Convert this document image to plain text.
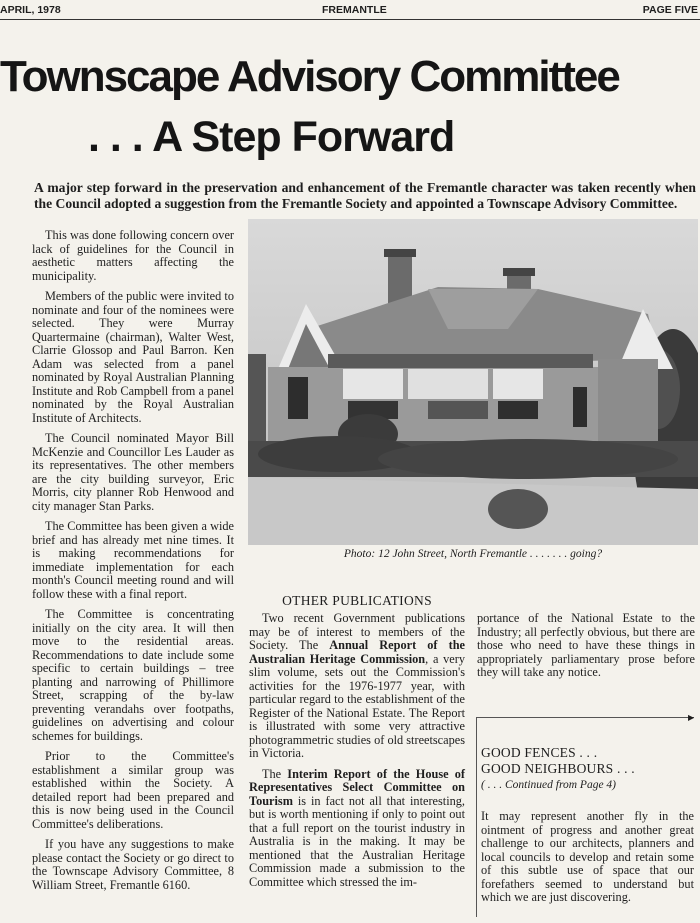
APRIL, 1978	FREMANTLE	PAGE FIVE
Townscape Advisory Committee
. . . A Step Forward
A major step forward in the preservation and enhancement of the Fremantle character was taken recently when the Council adopted a suggestion from the Fremantle Society and appointed a Townscape Advisory Committee.

This was done following concern over lack of guidelines for the Council in aesthetic matters affecting the municipality.

Members of the public were invited to nominate and four of the nominees were selected. They were Murray Quartermaine (chairman), Walter West, Clarrie Glossop and Paul Barron. Ken Adam was selected from a panel nominated by Royal Australian Planning Institute and Rob Campbell from a panel nominated by the Royal Australian Institute of Architects.

The Council nominated Mayor Bill McKenzie and Councillor Les Lauder as its representatives. The other members are the city building surveyor, Eric Morris, city planner Rob Henwood and city manager Stan Parks.

The Committee has been given a wide brief and has already met nine times. It is making recommendations for immediate implementation for each month's Council meeting round and will follow these with a final report.

The Committee is concentrating initially on the city area. It will then move to the residential areas. Recommendations to date include some specific to certain buildings – tree planting and narrowing of Phillimore Street, scrapping of the by-law preventing verandahs over footpaths, guidelines on advertising and colour schemes for buildings.

Prior to the Committee's establishment a similar group was established within the Society. A detailed report had been prepared and this is now being used in the Council Committee's deliberations.

If you have any suggestions to make please contact the Society or go direct to the Townscape Advisory Committee, 8 William Street, Fremantle 6160.

Photo: 12 John Street, North Fremantle . . . . . . . going?
OTHER PUBLICATIONS

Two recent Government publications may be of interest to members of the Society. The Annual Report of the Australian Heritage Commission, a very slim volume, sets out the Commission's activities for the 1976-1977 year, with particular regard to the establishment of the Register of the National Estate. The Report is illustrated with some very attractive photogrammetric studies of old streetscapes in Victoria.

The Interim Report of the House of Representatives Select Committee on Tourism is in fact not all that interesting, but is worth mentioning if only to point out that a full report on the tourist industry in Australia is in the making. It may be mentioned that the Australian Heritage Commission made a submission to the Committee which stressed the im-

portance of the National Estate to the Industry; all perfectly obvious, but there are those who need to have these things in appropriately parliamentary prose before they will take any notice.

▶
GOOD FENCES . . .
GOOD NEIGHBOURS . . .
( . . . Continued from Page 4)

It may represent another fly in the ointment of progress and another great challenge to our architects, planners and local councils to develop and retain some of this subtle use of space that our forefathers seemed to understand but which we are just discovering.
